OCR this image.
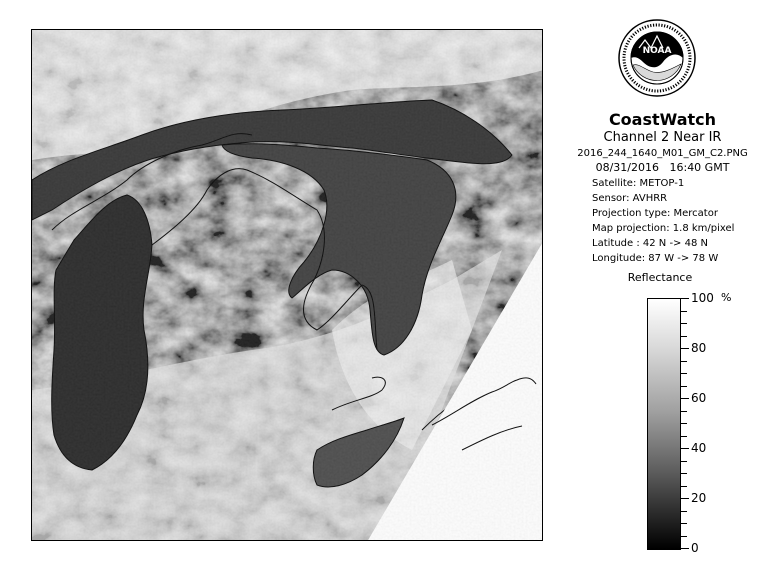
NOAA
CoastWatch
Channel 2 Near IR
2016_244_1640_M01_GM_C2.PNG
08/31/2016 16:40 GMT
Satellite: METOP-1
Sensor: AVHRR
Projection type: Mercator
Map projection: 1.8 km/pixel
Latitude : 42 N -> 48 N
Longitude: 87 W -> 78 W
Reflectance
%
100
80
60
40
20
0
